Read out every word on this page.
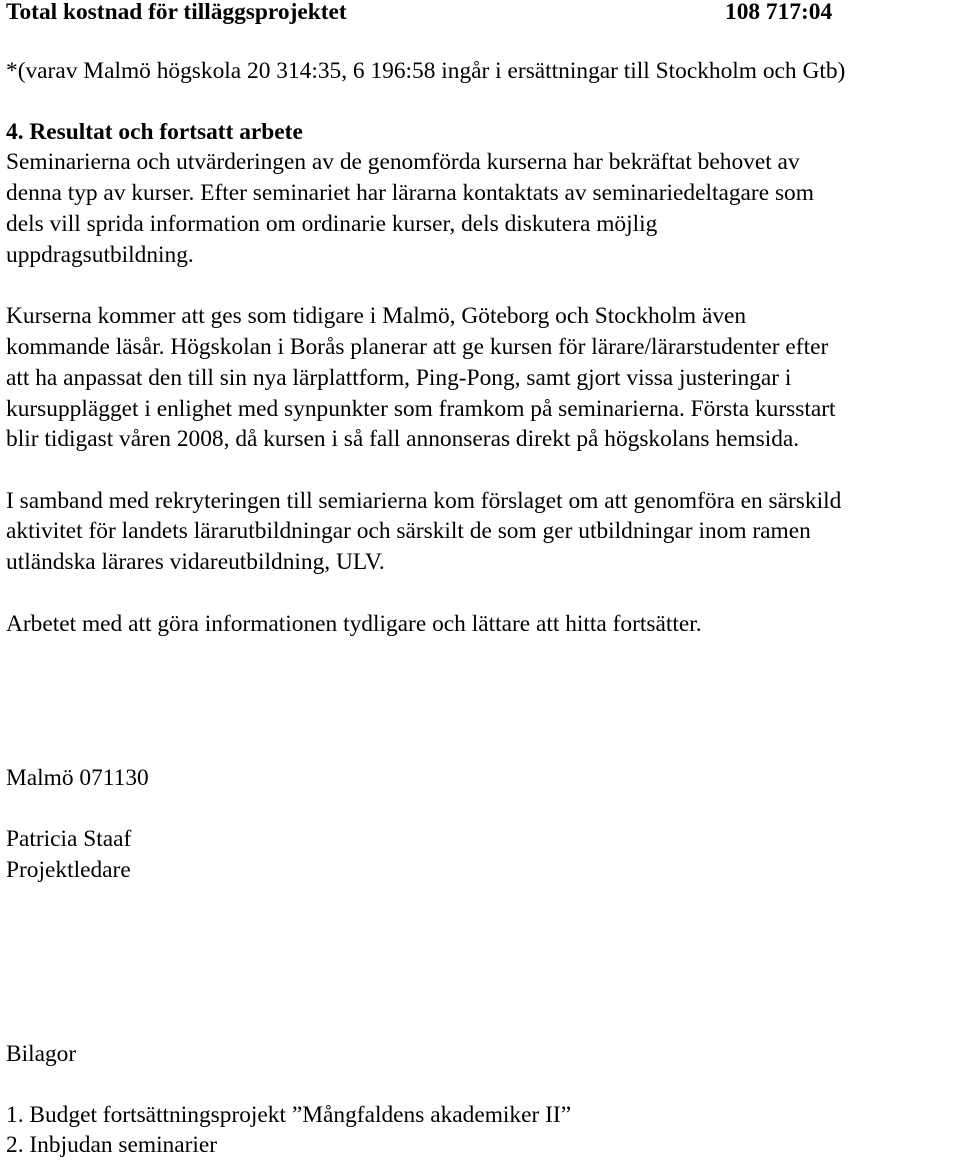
Total kostnad för tilläggsprojektet	108 717:04
*(varav Malmö högskola 20 314:35, 6 196:58 ingår i ersättningar till Stockholm och Gtb)
4. Resultat och fortsatt arbete
Seminarierna och utvärderingen av de genomförda kurserna har bekräftat behovet av
denna typ av kurser. Efter seminariet har lärarna kontaktats av seminariedeltagare som
dels vill sprida information om ordinarie kurser, dels diskutera möjlig
uppdragsutbildning.
Kurserna kommer att ges som tidigare i Malmö, Göteborg och Stockholm även
kommande läsår. Högskolan i Borås planerar att ge kursen för lärare/lärarstudenter efter
att ha anpassat den till sin nya lärplattform, Ping-Pong, samt gjort vissa justeringar i
kursupplägget i enlighet med synpunkter som framkom på seminarierna. Första kursstart
blir tidigast våren 2008, då kursen i så fall annonseras direkt på högskolans hemsida.
I samband med rekryteringen till semiarierna kom förslaget om att genomföra en särskild
aktivitet för landets lärarutbildningar och särskilt de som ger utbildningar inom ramen
utländska lärares vidareutbildning, ULV.
Arbetet med att göra informationen tydligare och lättare att hitta fortsätter.
Malmö 071130
Patricia Staaf
Projektledare
Bilagor
1. Budget fortsättningsprojekt ”Mångfaldens akademiker II”
2. Inbjudan seminarier
